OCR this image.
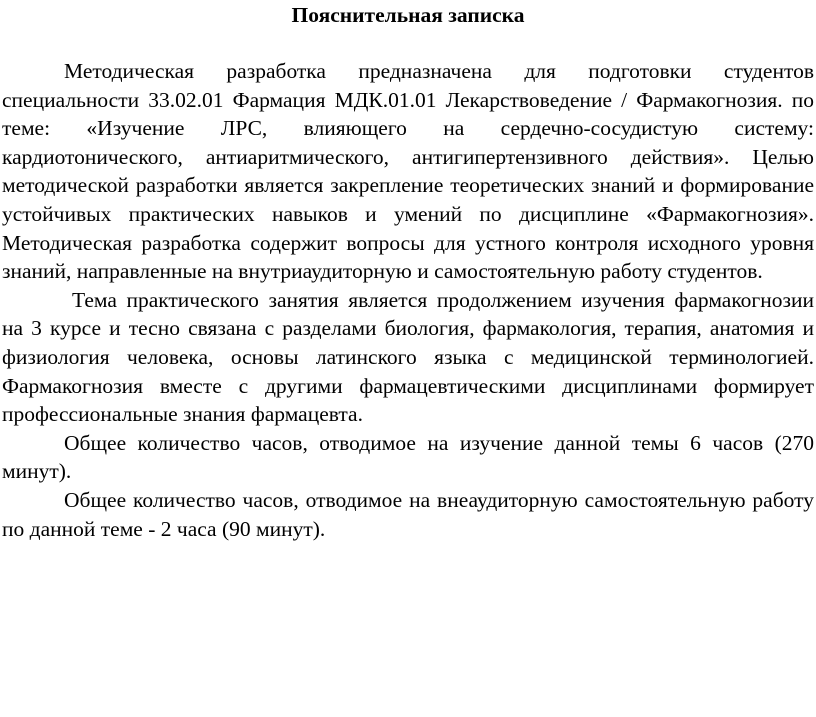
Пояснительная записка

Методическая разработка предназначена для подготовки студентов специальности 33.02.01 Фармация МДК.01.01 Лекарствоведение / Фармакогнозия. по теме: «Изучение ЛРС, влияющего на сердечно-сосудистую систему: кардиотонического, антиаритмического, антигипертензивного действия». Целью методической разработки является закрепление теоретических знаний и формирование устойчивых практических навыков и умений по дисциплине «Фармакогнозия». Методическая разработка содержит вопросы для устного контроля исходного уровня знаний, направленные на внутриаудиторную и самостоятельную работу студентов.

Тема практического занятия является продолжением изучения фармакогнозии на 3 курсе и тесно связана с разделами биология, фармакология, терапия, анатомия и физиология человека, основы латинского языка с медицинской терминологией. Фармакогнозия вместе с другими фармацевтическими дисциплинами формирует профессиональные знания фармацевта.

Общее количество часов, отводимое на изучение данной темы 6 часов (270 минут).

Общее количество часов, отводимое на внеаудиторную самостоятельную работу по данной теме - 2 часа (90 минут).
